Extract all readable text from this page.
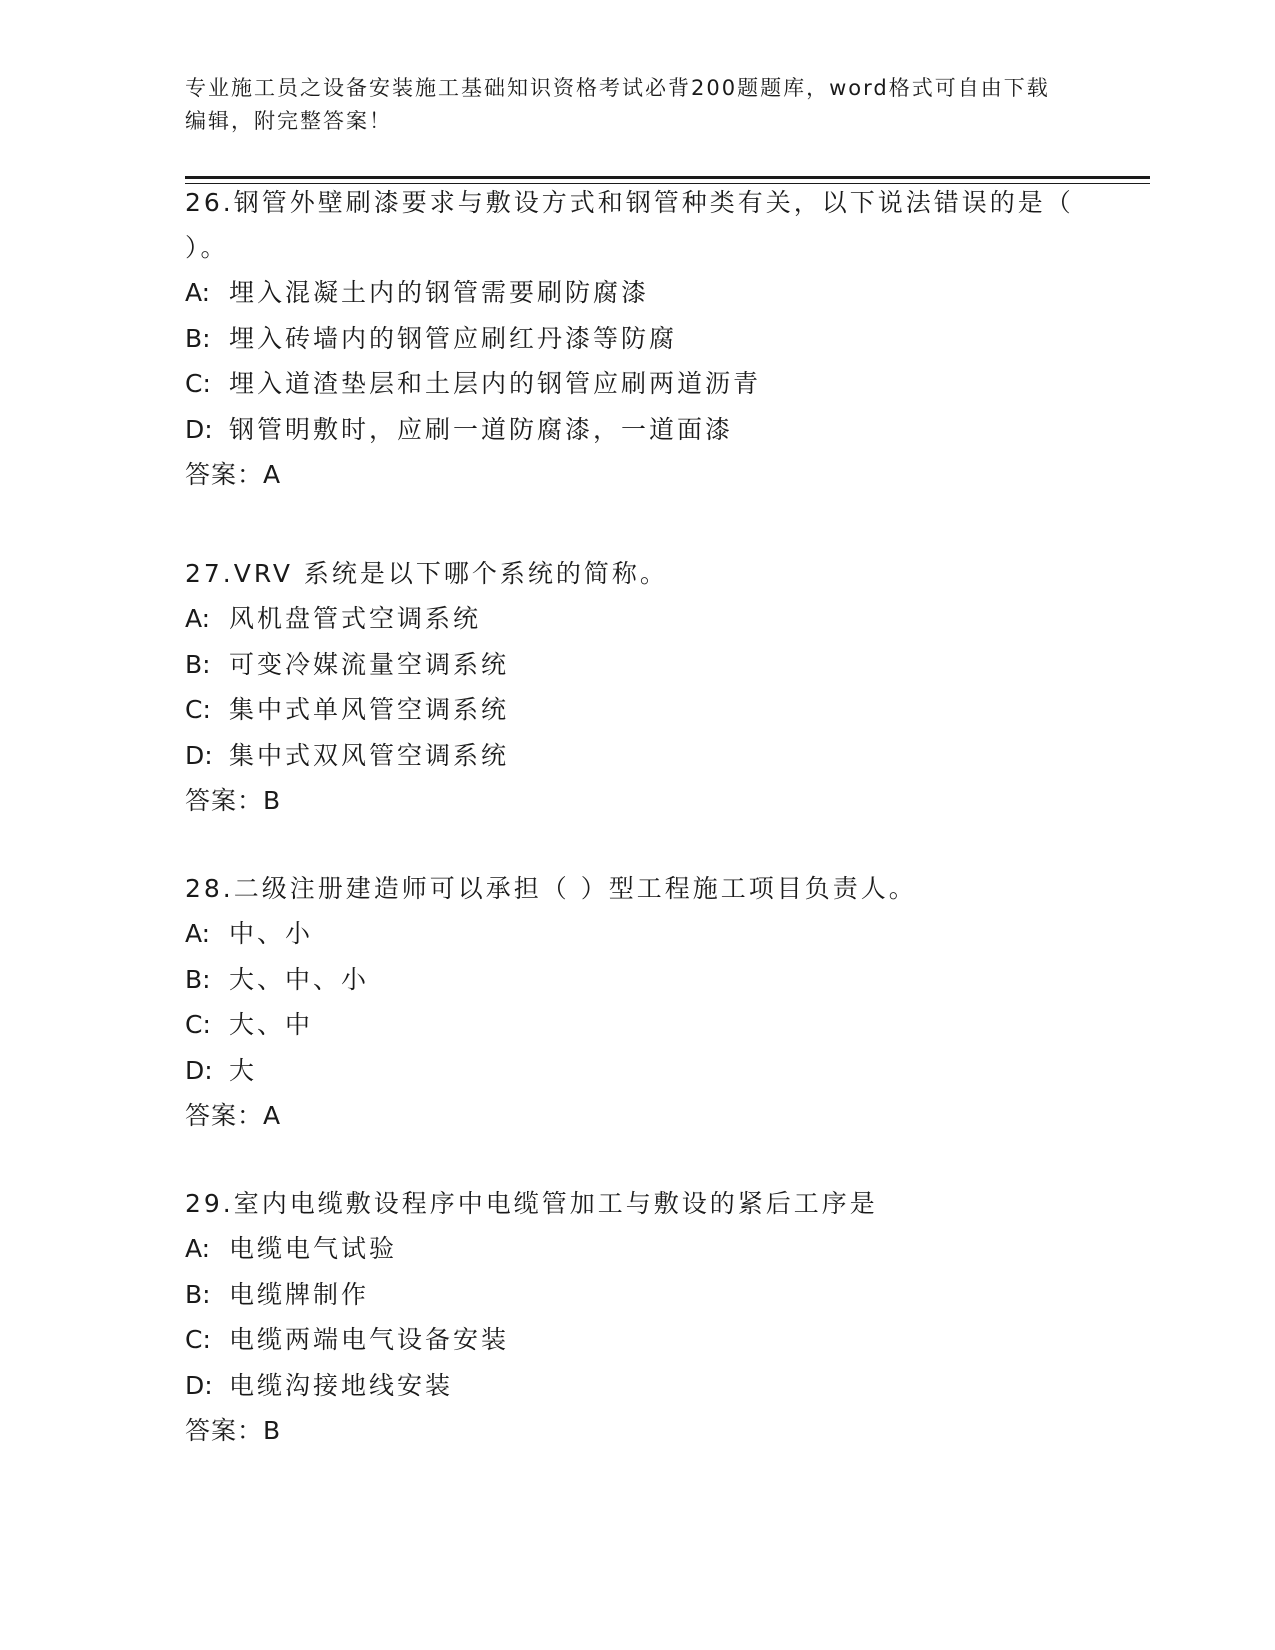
专业施工员之设备安装施工基础知识资格考试必背200题题库，word格式可自由下载编辑，附完整答案！

26.钢管外壁刷漆要求与敷设方式和钢管种类有关，以下说法错误的是（ ）。

A: 埋入混凝土内的钢管需要刷防腐漆

B: 埋入砖墙内的钢管应刷红丹漆等防腐

C: 埋入道渣垫层和土层内的钢管应刷两道沥青

D: 钢管明敷时，应刷一道防腐漆，一道面漆

答案：A

27.VRV 系统是以下哪个系统的简称。

A: 风机盘管式空调系统

B: 可变冷媒流量空调系统

C: 集中式单风管空调系统

D: 集中式双风管空调系统

答案：B

28.二级注册建造师可以承担（ ）型工程施工项目负责人。

A: 中、小

B: 大、中、小

C: 大、中

D: 大

答案：A

29.室内电缆敷设程序中电缆管加工与敷设的紧后工序是

A: 电缆电气试验

B: 电缆牌制作

C: 电缆两端电气设备安装

D: 电缆沟接地线安装

答案：B
